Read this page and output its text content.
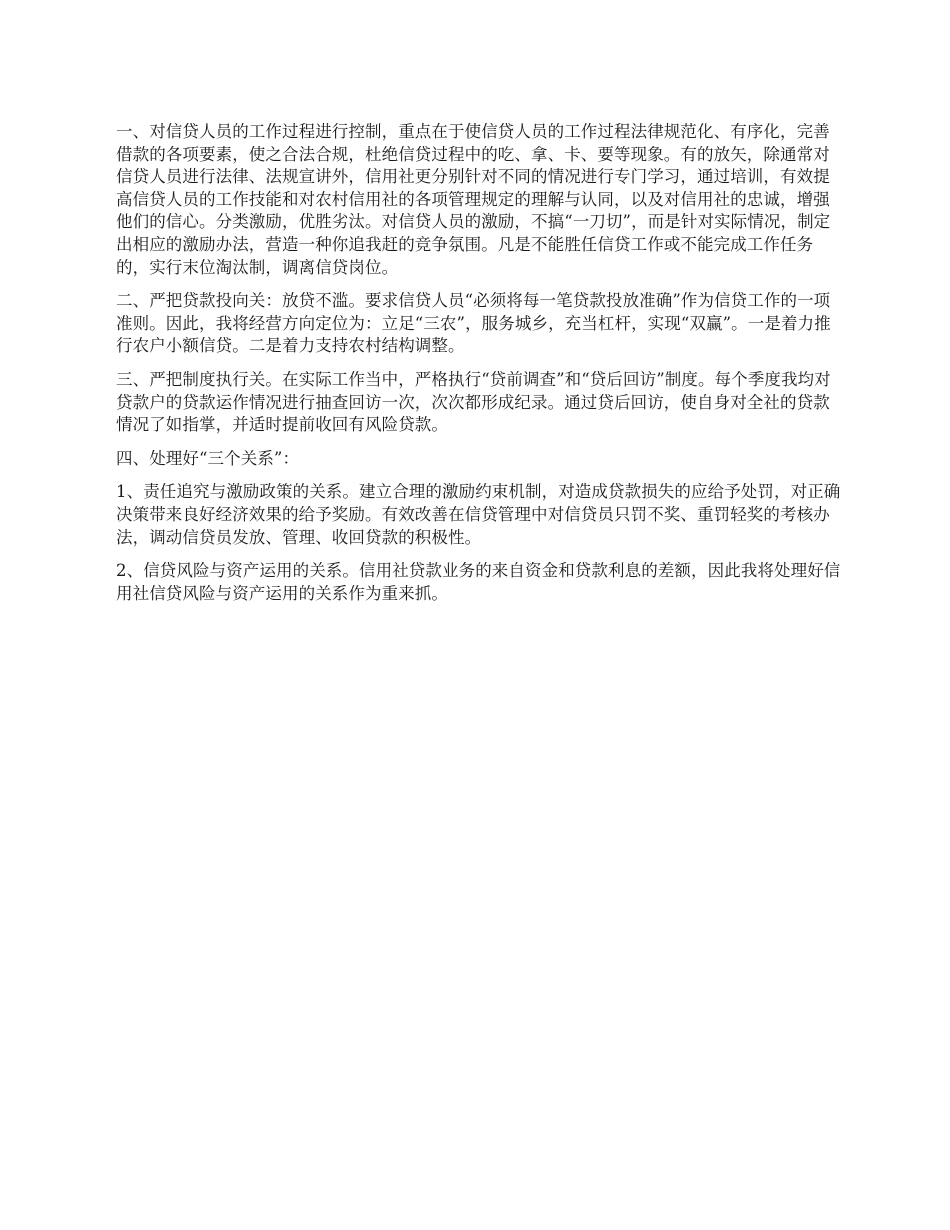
一、对信贷人员的工作过程进行控制，重点在于使信贷人员的工作过程法律规范化、有序化，完善借款的各项要素，使之合法合规，杜绝信贷过程中的吃、拿、卡、要等现象。有的放矢，除通常对信贷人员进行法律、法规宣讲外，信用社更分别针对不同的情况进行专门学习，通过培训，有效提高信贷人员的工作技能和对农村信用社的各项管理规定的理解与认同，以及对信用社的忠诚，增强他们的信心。分类激励，优胜劣汰。对信贷人员的激励，不搞“一刀切”，而是针对实际情况，制定出相应的激励办法，营造一种你追我赶的竞争氛围。凡是不能胜任信贷工作或不能完成工作任务的，实行末位淘汰制，调离信贷岗位。

二、严把贷款投向关：放贷不滥。要求信贷人员“必须将每一笔贷款投放准确”作为信贷工作的一项准则。因此，我将经营方向定位为：立足“三农”，服务城乡，充当杠杆，实现“双赢”。一是着力推行农户小额信贷。二是着力支持农村结构调整。

三、严把制度执行关。在实际工作当中，严格执行“贷前调查”和“贷后回访”制度。每个季度我均对贷款户的贷款运作情况进行抽查回访一次，次次都形成纪录。通过贷后回访，使自身对全社的贷款情况了如指掌，并适时提前收回有风险贷款。

四、处理好“三个关系”：

1、责任追究与激励政策的关系。建立合理的激励约束机制，对造成贷款损失的应给予处罚，对正确决策带来良好经济效果的给予奖励。有效改善在信贷管理中对信贷员只罚不奖、重罚轻奖的考核办法，调动信贷员发放、管理、收回贷款的积极性。

2、信贷风险与资产运用的关系。信用社贷款业务的来自资金和贷款利息的差额，因此我将处理好信用社信贷风险与资产运用的关系作为重来抓。
